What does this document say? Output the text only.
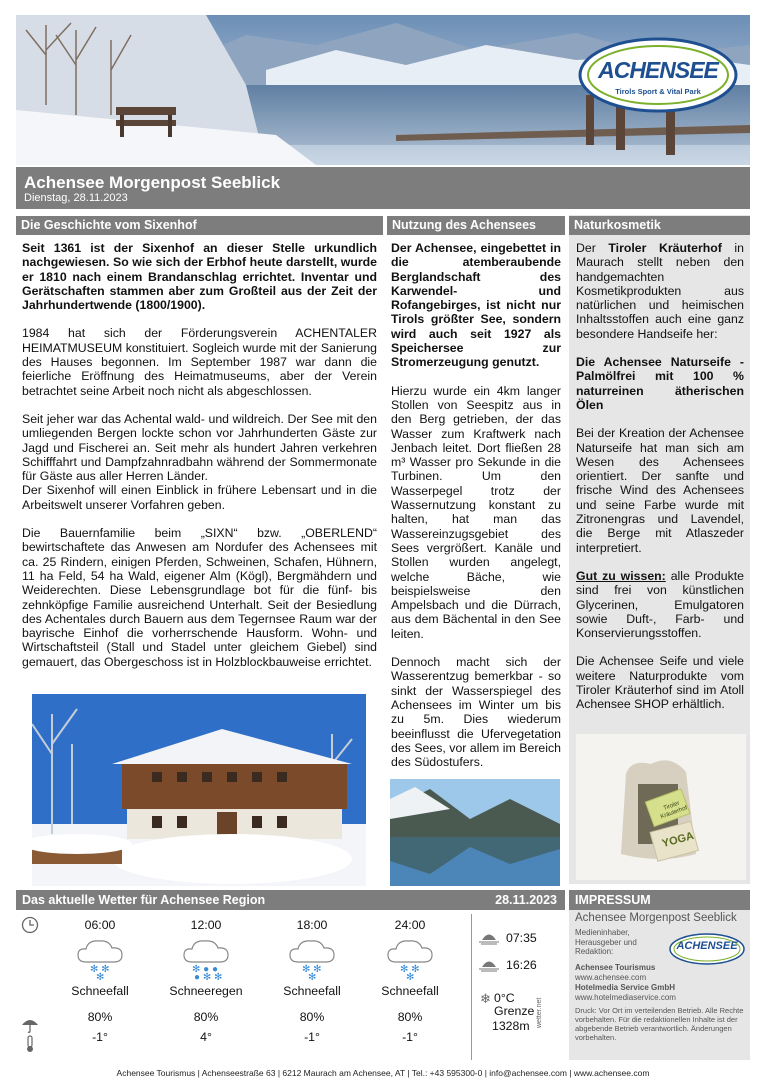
ACHENSEE
Tirols Sport & Vital Park
Achensee Morgenpost Seeblick
Dienstag, 28.11.2023
Die Geschichte vom Sixenhof

Seit 1361 ist der Sixenhof an dieser Stelle urkundlich nachgewiesen. So wie sich der Erbhof heute darstellt, wurde er 1810 nach einem Brandanschlag errichtet. Inventar und Gerätschaften stammen aber zum Großteil aus der Zeit der Jahrhundertwende (1800/1900).

1984 hat sich der Förderungsverein ACHENTALER HEIMATMUSEUM konstituiert. Sogleich wurde mit der Sanierung des Hauses begonnen. Im September 1987 war dann die feierliche Eröffnung des Heimatmuseums, aber der Verein betrachtet seine Arbeit noch nicht als abgeschlossen.

Seit jeher war das Achental wald- und wildreich. Der See mit den umliegenden Bergen lockte schon vor Jahrhunderten Gäste zur Jagd und Fischerei an. Seit mehr als hundert Jahren verkehren Schifffahrt und Dampfzahnradbahn während der Sommermonate für Gäste aus aller Herren Länder.

Der Sixenhof will einen Einblick in frühere Lebensart und in die Arbeitswelt unserer Vorfahren geben.

Die Bauernfamilie beim „SIXN“ bzw. „OBERLEND“ bewirtschaftete das Anwesen am Nordufer des Achensees mit ca. 25 Rindern, einigen Pferden, Schweinen, Schafen, Hühnern, 11 ha Feld, 54 ha Wald, eigener Alm (Kögl), Bergmähdern und Weiderechten. Diese Lebensgrundlage bot für die fünf- bis zehnköpfige Familie ausreichend Unterhalt. Seit der Besiedlung des Achentales durch Bauern aus dem Tegernsee Raum war der bayrische Einhof die vorherrschende Hausform. Wohn- und Wirtschaftsteil (Stall und Stadel unter gleichem Giebel) sind gemauert, das Obergeschoss ist in Holzblockbauweise errichtet.

Nutzung des Achensees

Der Achensee, eingebettet in die atemberaubende Berglandschaft des Karwendel- und Rofangebirges, ist nicht nur Tirols größter See, sondern wird auch seit 1927 als Speichersee zur Stromerzeugung genutzt.

Hierzu wurde ein 4km langer Stollen von Seespitz aus in den Berg getrieben, der das Wasser zum Kraftwerk nach Jenbach leitet. Dort fließen 28 m³ Wasser pro Sekunde in die Turbinen. Um den Wasserpegel trotz der Wassernutzung konstant zu halten, hat man das Wassereinzugsgebiet des Sees vergrößert. Kanäle und Stollen wurden angelegt, welche Bäche, wie beispielsweise den Ampelsbach und die Dürrach, aus dem Bächental in den See leiten.

Dennoch macht sich der Wasserentzug bemerkbar - so sinkt der Wasserspiegel des Achensees im Winter um bis zu 5m. Dies wiederum beeinflusst die Ufervegetation des Sees, vor allem im Bereich des Südostufers.

Naturkosmetik

Der Tiroler Kräuterhof in Maurach stellt neben den handgemachten Kosmetikprodukten aus natürlichen und heimischen Inhaltsstoffen auch eine ganz besondere Handseife her:

Die Achensee Naturseife - Palmölfrei mit 100 % naturreinen ätherischen Ölen

Bei der Kreation der Achensee Naturseife hat man sich am Wesen des Achensees orientiert. Der sanfte und frische Wind des Achensees und seine Farbe wurde mit Zitronengras und Lavendel, die Berge mit Atlaszeder interpretiert.

Gut zu wissen: alle Produkte sind frei von künstlichen Glycerinen, Emulgatoren sowie Duft-, Farb- und Konservierungsstoffen.

Die Achensee Seife und viele weitere Naturprodukte vom Tiroler Kräuterhof sind im Atoll Achensee SHOP erhältlich.

Tiroler Kräuterhof
YOGA
Das aktuelle Wetter für Achensee Region	28.11.2023
06:00
✻ ✻
✻
Schneefall
80%
-1°
12:00
✻ ● ●
● ✻ ✻
Schneeregen
80%
4°
18:00
✻ ✻
✻
Schneefall
80%
-1°
24:00
✻ ✻
✻
Schneefall
80%
-1°
07:35
16:26
❄ 0°C
Grenze
1328m wetter.net
IMPRESSUM
Achensee Morgenpost Seeblick
Medieninhaber, Herausgeber und Redaktion:	ACHENSEE
Achensee Tourismus
www.achensee.com
Hotelmedia Service GmbH
www.hotelmediaservice.com
Druck: Vor Ort im verteilenden Betrieb. Alle Rechte vorbehalten. Für die redaktionellen Inhalte ist der abgebende Betrieb verantwortlich. Änderungen vorbehalten.
Achensee Tourismus | Achenseestraße 63 | 6212 Maurach am Achensee, AT | Tel.: +43 595300-0 | info@achensee.com | www.achensee.com
